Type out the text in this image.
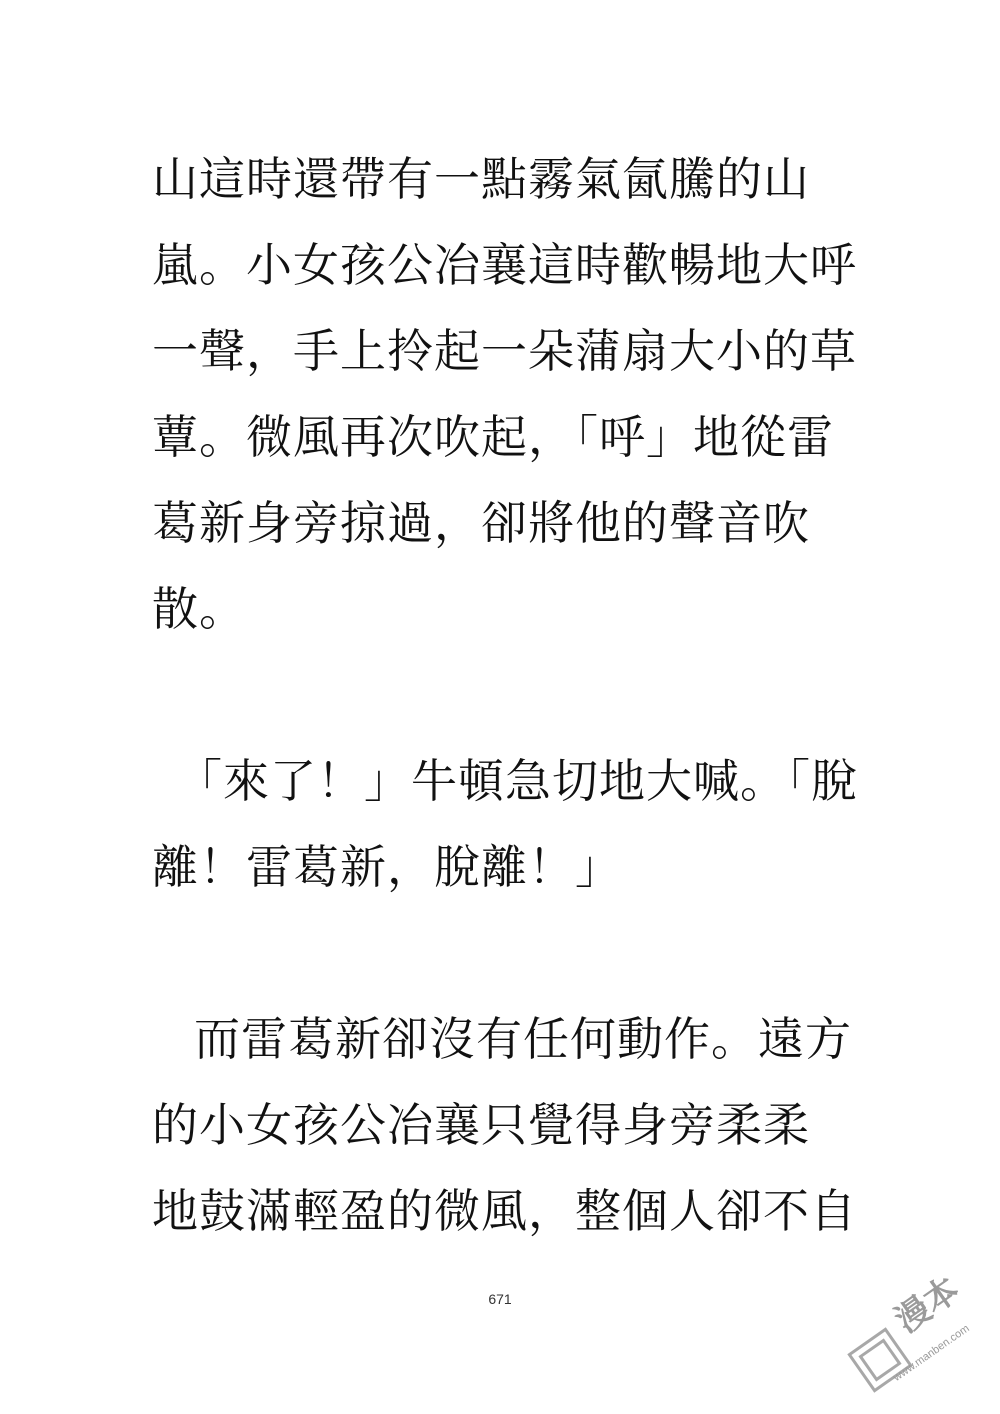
山這時還帶有一點霧氣氤騰的山
嵐。小女孩公冶襄這時歡暢地大呼
一聲，手上拎起一朵蒲扇大小的草
蕈。微風再次吹起，「呼」地從雷
葛新身旁掠過，卻將他的聲音吹
散。
「來了！」牛頓急切地大喊。「脫
離！雷葛新，脫離！」
而雷葛新卻沒有任何動作。遠方
的小女孩公冶襄只覺得身旁柔柔
地鼓滿輕盈的微風，整個人卻不自
671	漫本
www.manben.com
